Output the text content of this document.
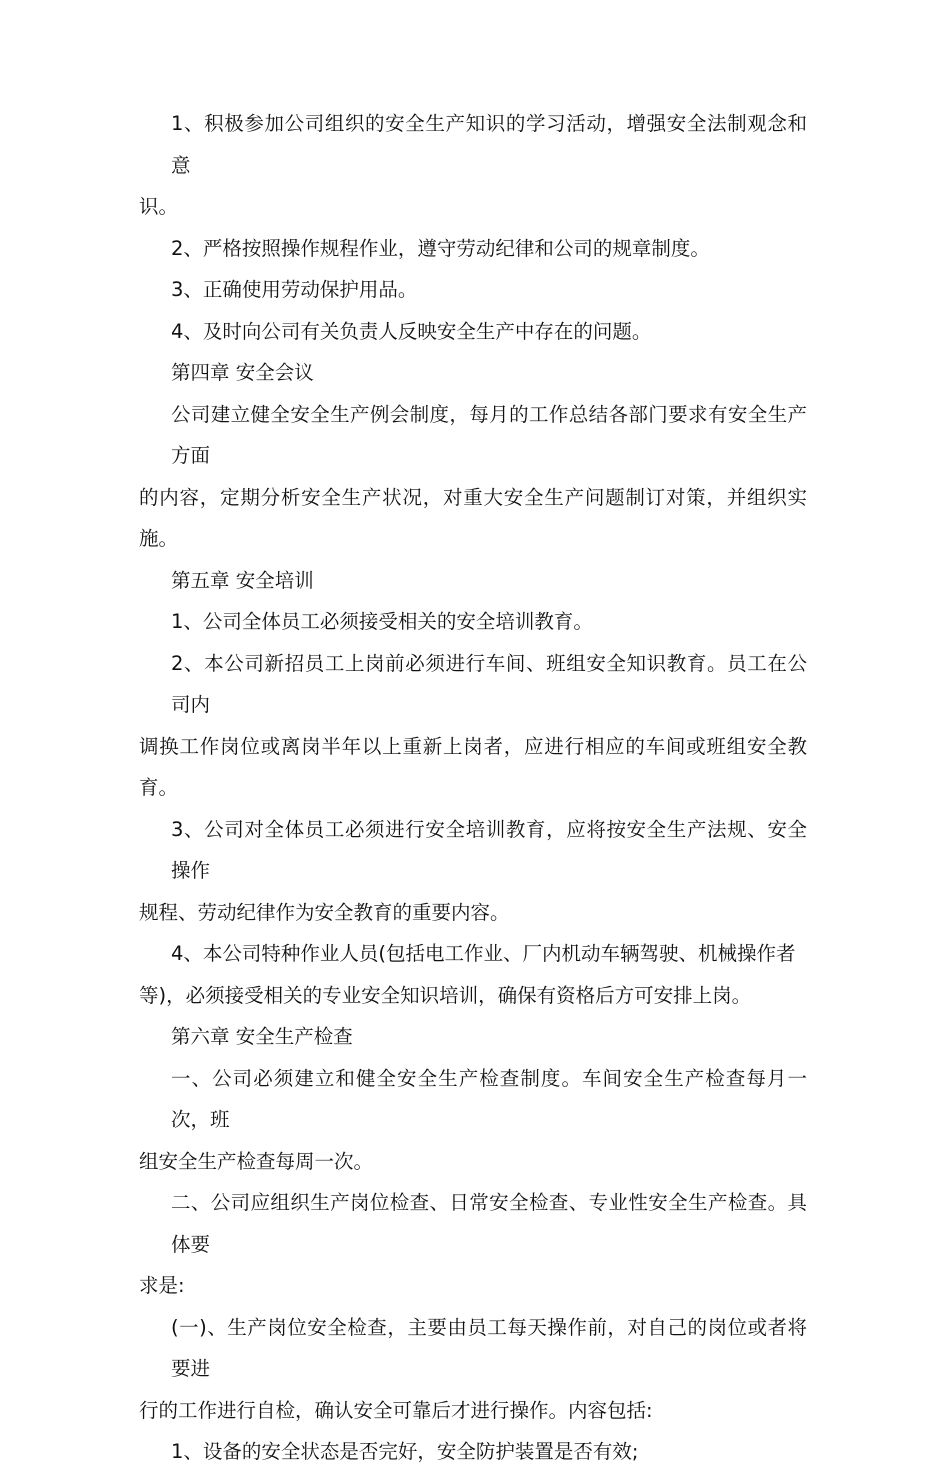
1、积极参加公司组织的安全生产知识的学习活动，增强安全法制观念和意
识。

2、严格按照操作规程作业，遵守劳动纪律和公司的规章制度。

3、正确使用劳动保护用品。

4、及时向公司有关负责人反映安全生产中存在的问题。

第四章 安全会议

公司建立健全安全生产例会制度，每月的工作总结各部门要求有安全生产方面
的内容，定期分析安全生产状况，对重大安全生产问题制订对策，并组织实施。

第五章 安全培训

1、公司全体员工必须接受相关的安全培训教育。

2、本公司新招员工上岗前必须进行车间、班组安全知识教育。员工在公司内
调换工作岗位或离岗半年以上重新上岗者，应进行相应的车间或班组安全教育。

3、公司对全体员工必须进行安全培训教育，应将按安全生产法规、安全操作
规程、劳动纪律作为安全教育的重要内容。

4、本公司特种作业人员(包括电工作业、厂内机动车辆驾驶、机械操作者
等)，必须接受相关的专业安全知识培训，确保有资格后方可安排上岗。

第六章 安全生产检查

一、公司必须建立和健全安全生产检查制度。车间安全生产检查每月一次，班
组安全生产检查每周一次。

二、公司应组织生产岗位检查、日常安全检查、专业性安全生产检查。具体要
求是:

(一)、生产岗位安全检查，主要由员工每天操作前，对自己的岗位或者将要进
行的工作进行自检，确认安全可靠后才进行操作。内容包括:

1、设备的安全状态是否完好，安全防护装置是否有效;
